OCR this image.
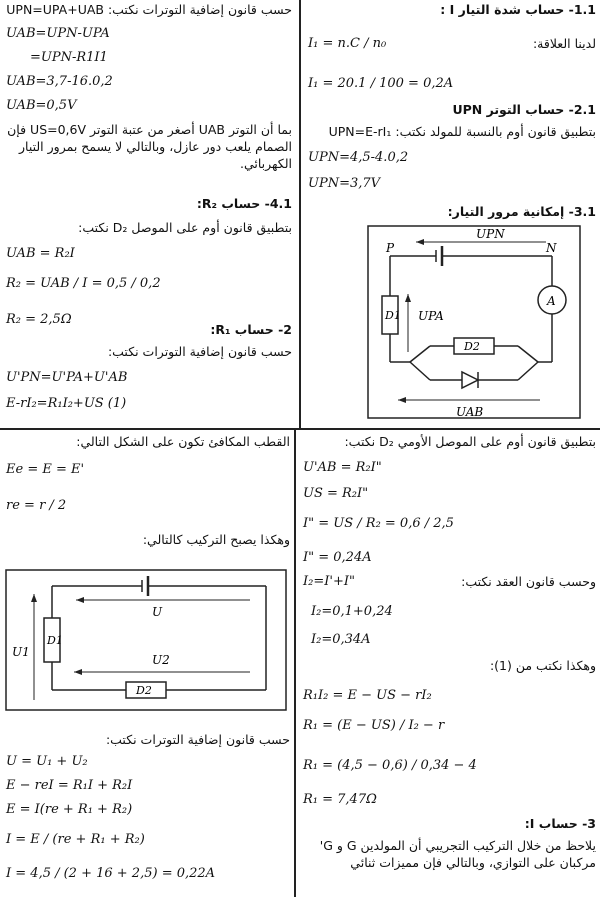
1.1- حساب شدة التيار I :
لدينا العلاقة:
I₁ = n.C / n₀
I₁ = 20.1 / 100 = 0,2A
2.1- حساب التوتر UPN
بتطبيق قانون أوم بالنسبة للمولد نكتب: UPN=E-rI₁
UPN=4,5-4.0,2
UPN=3,7V
3.1- إمكانية مرور التيار:
P	N
UPN
A
D1 UPA
D2
UAB
حسب قانون إضافية التوترات نكتب: UPN=UPA+UAB
UAB=UPN-UPA
=UPN-R1I1
UAB=3,7-16.0,2
UAB=0,5V
بما أن التوتر UAB أصغر من عتبة التوتر US=0,6V فإن الصمام يلعب دور عازل، وبالتالي لا يسمح بمرور التيار الكهربائي.
4.1- حساب R₂:
بتطبيق قانون أوم على الموصل D₂ نكتب:
UAB = R₂I
R₂ = UAB / I = 0,5 / 0,2
R₂ = 2,5Ω
2- حساب R₁:
حسب قانون إضافية التوترات نكتب:
U'PN=U'PA+U'AB
E-rI₂=R₁I₂+US (1)
بتطبيق قانون أوم على الموصل الأومي D₂ نكتب:
U'AB = R₂I"
US = R₂I"
I" = US / R₂ = 0,6 / 2,5
I" = 0,24A
I₂=I'+I"	وحسب قانون العقد نكتب:
I₂=0,1+0,24
I₂=0,34A
وهكذا نكتب من (1):
R₁I₂ = E − US − rI₂
R₁ = (E − US) / I₂ − r
R₁ = (4,5 − 0,6) / 0,34 − 4
R₁ = 7,47Ω
3- حساب I:
يلاحظ من خلال التركيب التجريبي أن المولدين G و G' مركبان على التوازي، وبالتالي فإن مميزات ثنائي
القطب المكافئ تكون على الشكل التالي:
Ee = E = E'
re = r / 2
وهكذا يصبح التركيب كالتالي:
D2
D1
U
U1
U2
حسب قانون إضافية التوترات نكتب:
U = U₁ + U₂
E − reI = R₁I + R₂I
E = I(re + R₁ + R₂)
I = E / (re + R₁ + R₂)
I = 4,5 / (2 + 16 + 2,5) = 0,22A
